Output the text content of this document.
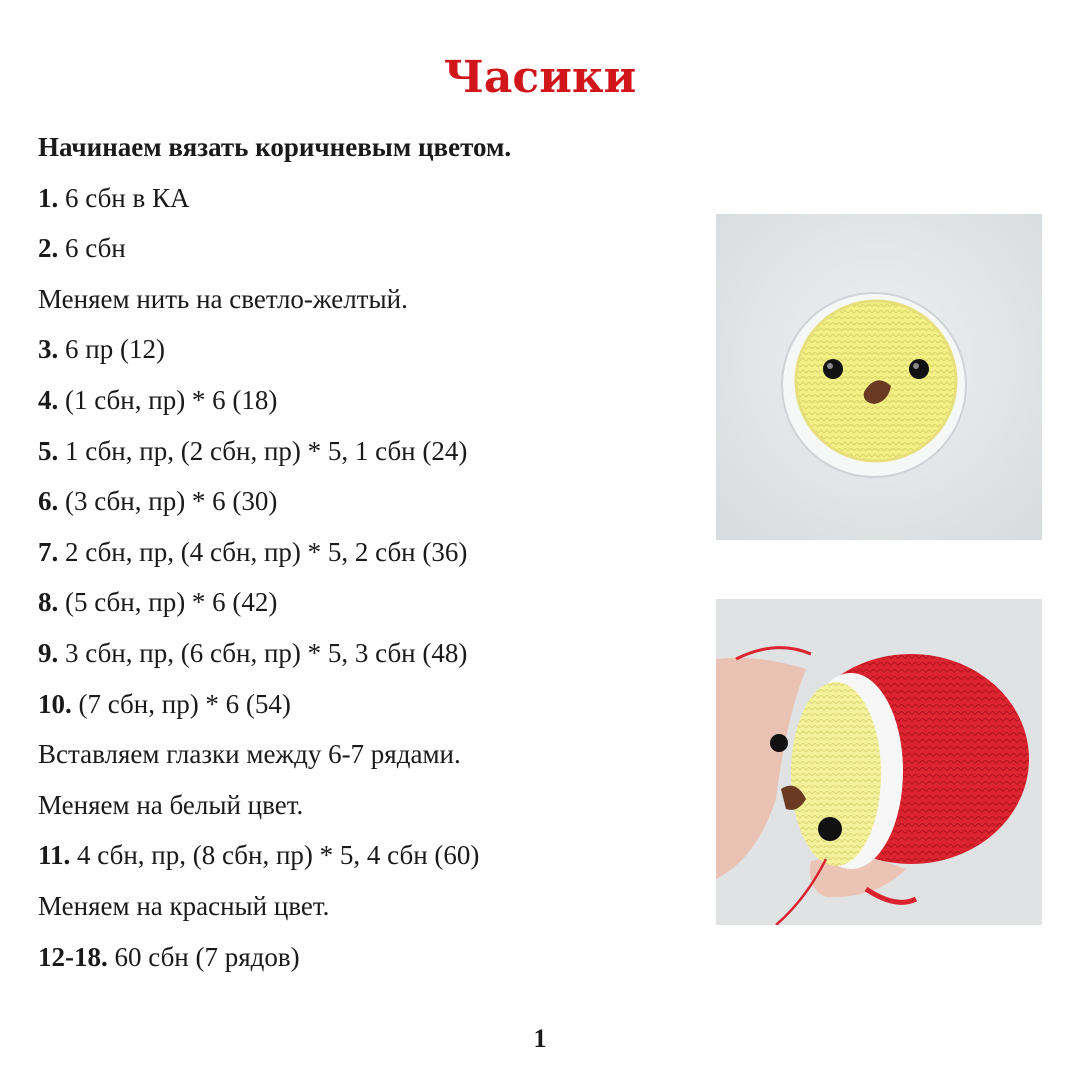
Часики
Начинаем вязать коричневым цветом.
1. 6 сбн в КА
2. 6 сбн
Меняем нить на светло-желтый.
3. 6 пр (12)
4. (1 сбн, пр) * 6 (18)
5. 1 сбн, пр, (2 сбн, пр) * 5, 1 сбн (24)
6. (3 сбн, пр) * 6 (30)
7. 2 сбн, пр, (4 сбн, пр) * 5, 2 сбн (36)
8. (5 сбн, пр) * 6 (42)
9. 3 сбн, пр, (6 сбн, пр) * 5, 3 сбн (48)
10. (7 сбн, пр) * 6 (54)
Вставляем глазки между 6-7 рядами.
Меняем на белый цвет.
11. 4 сбн, пр, (8 сбн, пр) * 5, 4 сбн (60)
Меняем на красный цвет.
12-18. 60 сбн (7 рядов)
1
